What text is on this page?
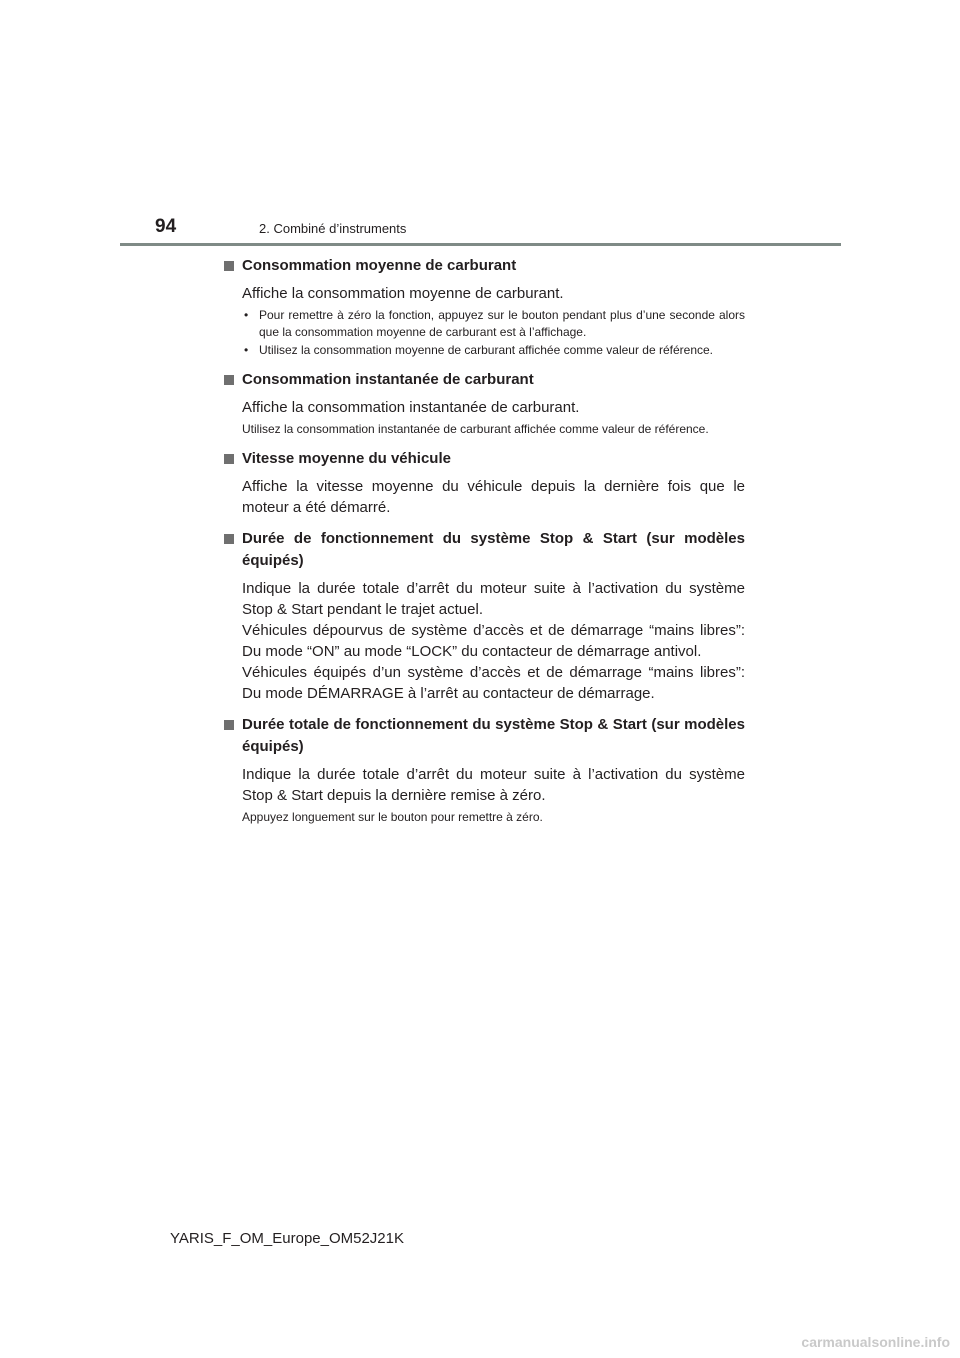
94	2. Combiné d’instruments
Consommation moyenne de carburant

Affiche la consommation moyenne de carburant.

• Pour remettre à zéro la fonction, appuyez sur le bouton pendant plus d’une seconde alors que la consommation moyenne de carburant est à l’affichage.
• Utilisez la consommation moyenne de carburant affichée comme valeur de référence.
Consommation instantanée de carburant

Affiche la consommation instantanée de carburant.

Utilisez la consommation instantanée de carburant affichée comme valeur de référence.
Vitesse moyenne du véhicule

Affiche la vitesse moyenne du véhicule depuis la dernière fois que le moteur a été démarré.

Durée de fonctionnement du système Stop & Start (sur modèles équipés)

Indique la durée totale d’arrêt du moteur suite à l’activation du système Stop & Start pendant le trajet actuel.

Véhicules dépourvus de système d’accès et de démarrage “mains libres”: Du mode “ON” au mode “LOCK” du contacteur de démarrage antivol.

Véhicules équipés d’un système d’accès et de démarrage “mains libres”: Du mode DÉMARRAGE à l’arrêt au contacteur de démarrage.

Durée totale de fonctionnement du système Stop & Start (sur modèles équipés)

Indique la durée totale d’arrêt du moteur suite à l’activation du système Stop & Start depuis la dernière remise à zéro.

Appuyez longuement sur le bouton pour remettre à zéro.
YARIS_F_OM_Europe_OM52J21K
carmanualsonline.info
